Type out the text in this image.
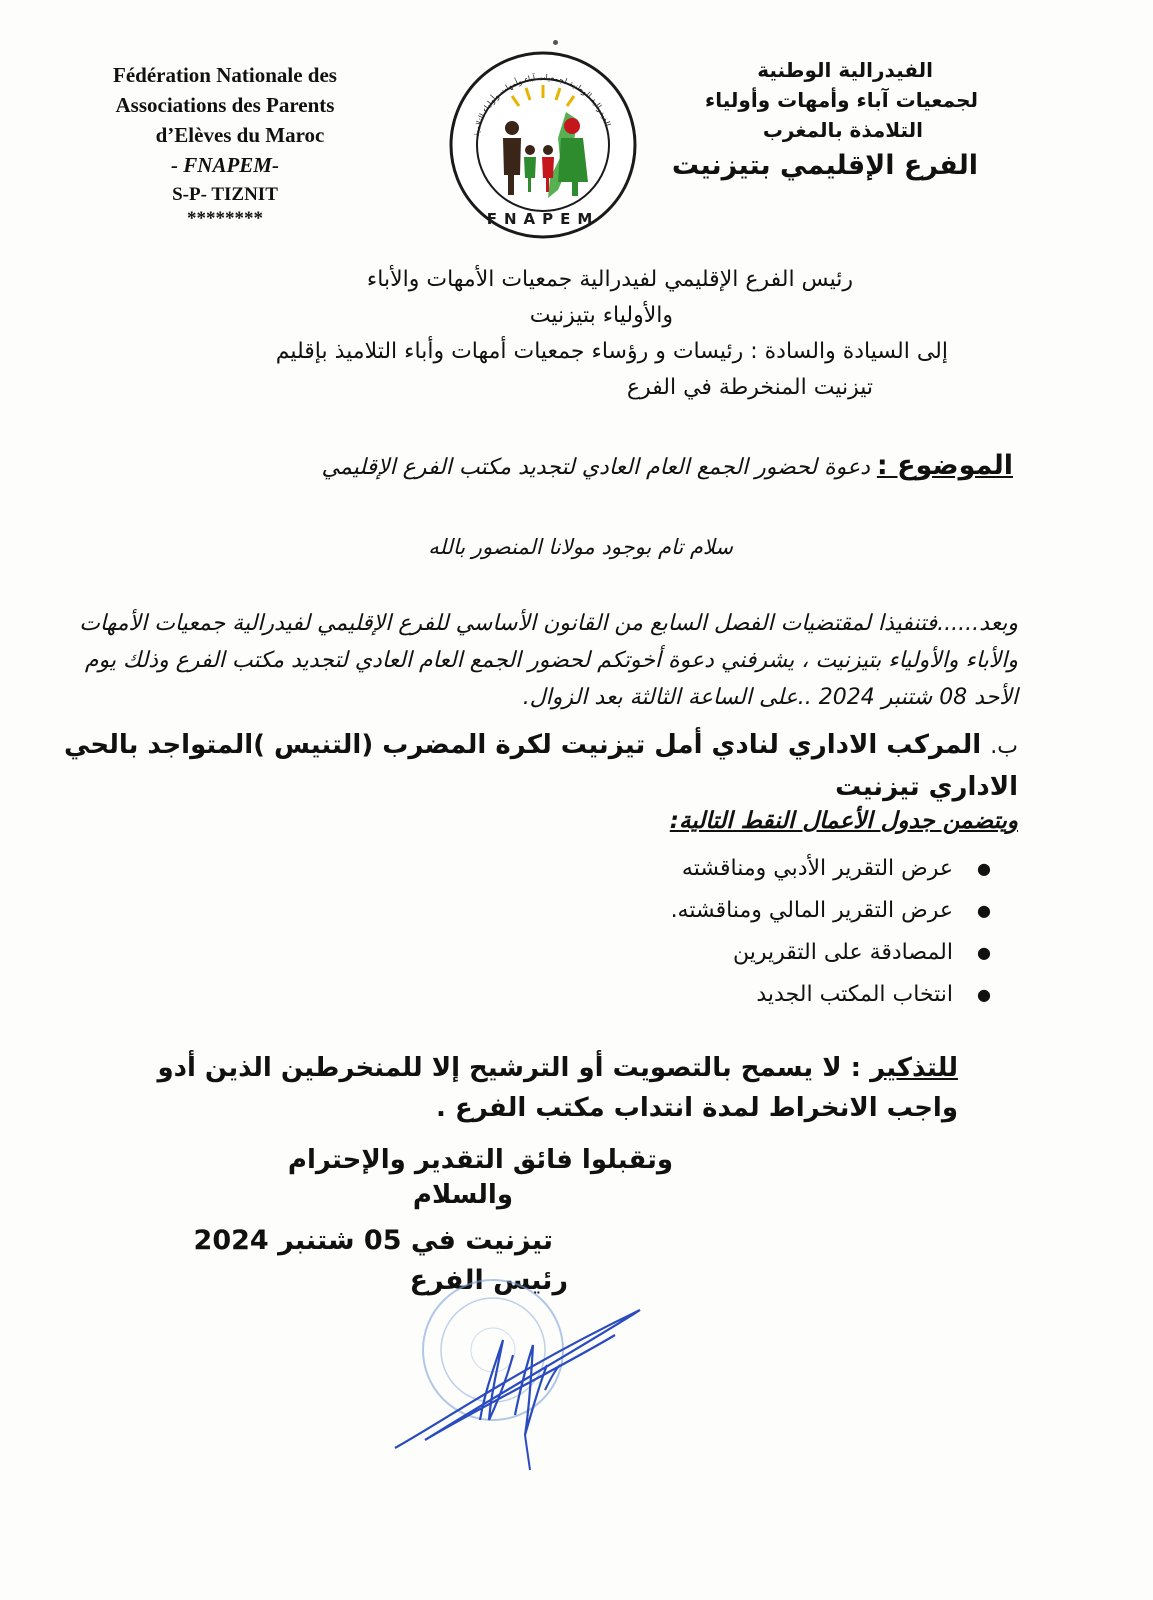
Fédération Nationale des
Associations des Parents
d’Elèves du Maroc
- FNAPEM-
S-P- TIZNIT
********
الفيدرالية الوطنية لجمعيات آباء وأمهات وأولياء التلاميذ
FNAPEM
الفيدرالية الوطنية
لجمعيات آباء وأمهات وأولياء
التلامذة بالمغرب
الفرع الإقليمي بتيزنيت
رئيس الفرع الإقليمي لفيدرالية جمعيات الأمهات والأباء
والأولياء بتيزنيت
إلى السيادة والسادة : رئيسات و رؤساء جمعيات أمهات وأباء التلاميذ بإقليم
تيزنيت المنخرطة في الفرع
الموضوع : دعوة لحضور الجمع العام العادي لتجديد مكتب الفرع الإقليمي
سلام تام بوجود مولانا المنصور بالله
وبعد......فتنفيذا لمقتضيات الفصل السابع من القانون الأساسي للفرع الإقليمي لفيدرالية جمعيات الأمهات والأباء والأولياء بتيزنيت ، يشرفني دعوة أخوتكم لحضور الجمع العام العادي لتجديد مكتب الفرع وذلك يوم الأحد 08 شتنبر 2024 ..على الساعة الثالثة بعد الزوال.
ب. المركب الاداري لنادي أمل تيزنيت لكرة المضرب (التنيس )المتواجد بالحي الاداري تيزنيت
ويتضمن جدول الأعمال النقط التالية:
● عرض التقرير الأدبي ومناقشته
● عرض التقرير المالي ومناقشته.
● المصادقة على التقريرين
● انتخاب المكتب الجديد
للتذكير : لا يسمح بالتصويت أو الترشيح إلا للمنخرطين الذين أدو واجب الانخراط لمدة انتداب مكتب الفرع .
وتقبلوا فائق التقدير والإحترام
والسلام
تيزنيت في 05 شتنبر 2024
رئيس الفرع
